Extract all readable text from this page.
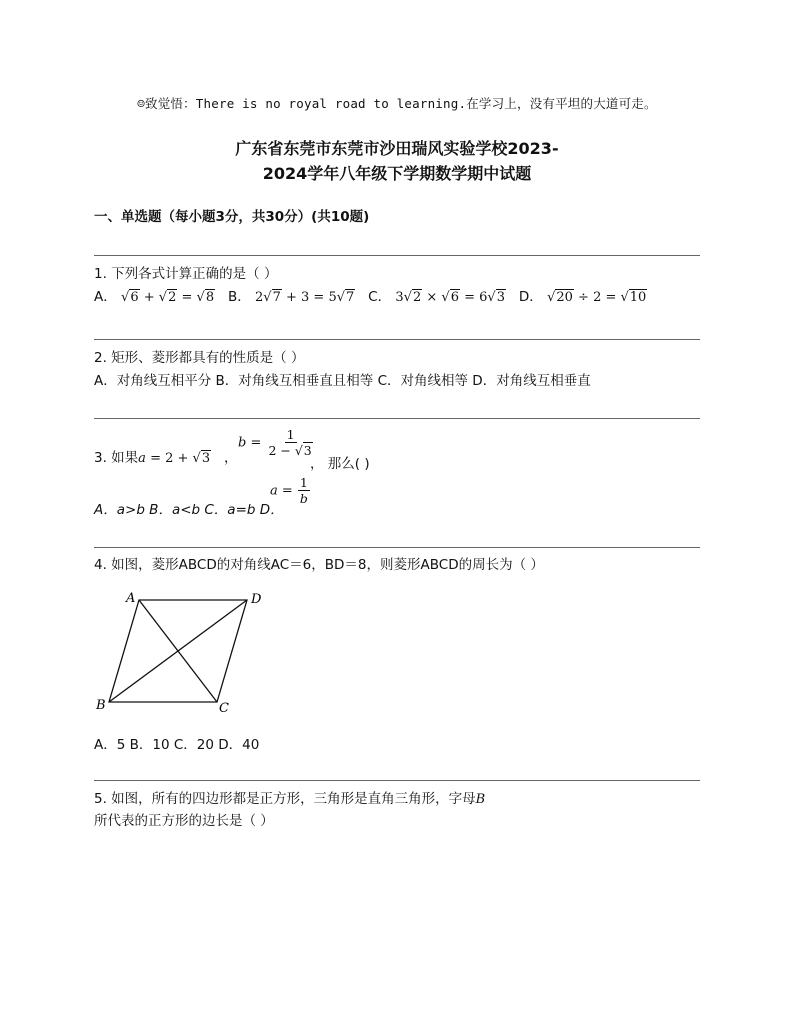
☺致觉悟：There is no royal road to learning.在学习上，没有平坦的大道可走。
广东省东莞市东莞市沙田瑞风实验学校2023-
2024学年八年级下学期数学期中试题
一、单选题（每小题3分，共30分）(共10题)
1. 下列各式计算正确的是（ ）
A． √6 + √2 = √8 B． 2√7 + 3 = 5√7 C． 3√2 × √6 = 6√3 D． √20 ÷ 2 = √10
2. 矩形、菱形都具有的性质是（ ）
A．对角线互相平分 B．对角线互相垂直且相等 C．对角线相等 D．对角线互相垂直
3. 如果a = 2 + √3 ，
$b = \frac{1}{2 - √3}$
， 那么( )
A．a>b B．a<b C．a=b D．
$a = \frac{1}{b}$
4. 如图，菱形ABCD的对角线AC＝6，BD＝8，则菱形ABCD的周长为（ ）
A	D
B	C
A．5 B．10 C．20 D．40
5. 如图，所有的四边形都是正方形，三角形是直角三角形，字母B
所代表的正方形的边长是（ ）
